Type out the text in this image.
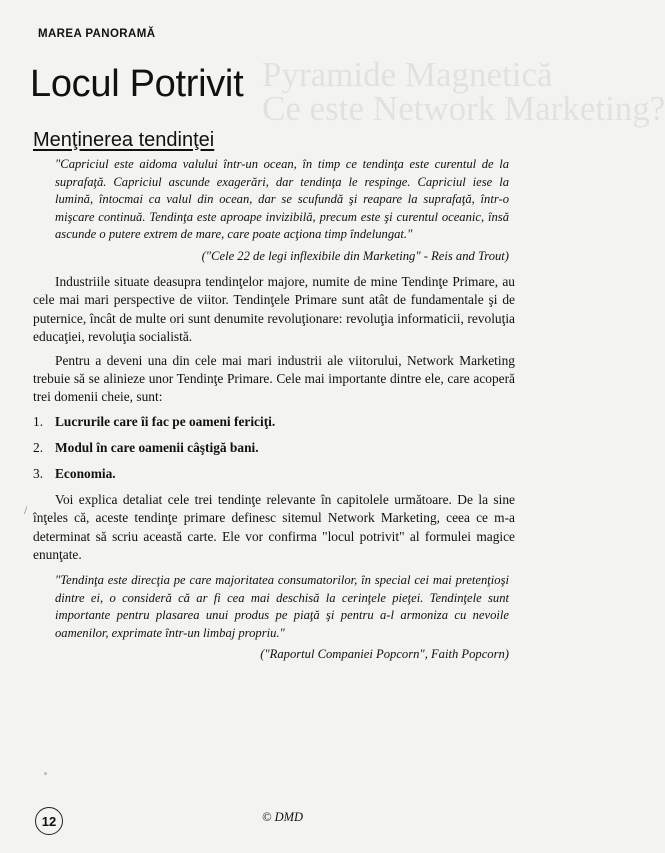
Pyramide Magnetică
Ce este Network Marketing?
MAREA PANORAMĂ
Locul Potrivit
Menţinerea tendinţei

"Capriciul este aidoma valului într-un ocean, în timp ce tendinţa este curentul de la suprafaţă. Capriciul ascunde exagerări, dar tendinţa le respinge. Capriciul iese la lumină, întocmai ca valul din ocean, dar se scufundă şi reapare la suprafaţă, într-o mişcare continuă. Tendinţa este aproape invizibilă, precum este şi curentul oceanic, însă ascunde o putere extrem de mare, care poate acţiona timp îndelungat."

("Cele 22 de legi inflexibile din Marketing" - Reis and Trout)

Industriile situate deasupra tendinţelor majore, numite de mine Tendinţe Primare, au cele mai mari perspective de viitor. Tendinţele Primare sunt atât de fundamentale şi de puternice, încât de multe ori sunt denumite revoluţionare: revoluţia informaticii, revoluţia educaţiei, revoluţia socialistă.

Pentru a deveni una din cele mai mari industrii ale viitorului, Network Marketing trebuie să se alinieze unor Tendinţe Primare. Cele mai importante dintre ele, care acoperă trei domenii cheie, sunt:

1. Lucrurile care îi fac pe oameni fericiţi.
2. Modul în care oamenii câştigă bani.
3. Economia.

Voi explica detaliat cele trei tendinţe relevante în capitolele următoare. De la sine înţeles că, aceste tendinţe primare definesc sitemul Network Marketing, ceea ce m-a determinat să scriu această carte. Ele vor confirma "locul potrivit" al formulei magice enunţate.

"Tendinţa este direcţia pe care majoritatea consumatorilor, în special cei mai pretenţioşi dintre ei, o consideră că ar fi cea mai deschisă la cerinţele pieţei. Tendinţele sunt importante pentru plasarea unui produs pe piaţă şi pentru a-l armoniza cu nevoile oamenilor, exprimate într-un limbaj propriu."

("Raportul Companiei Popcorn", Faith Popcorn)
/
12	© DMD
